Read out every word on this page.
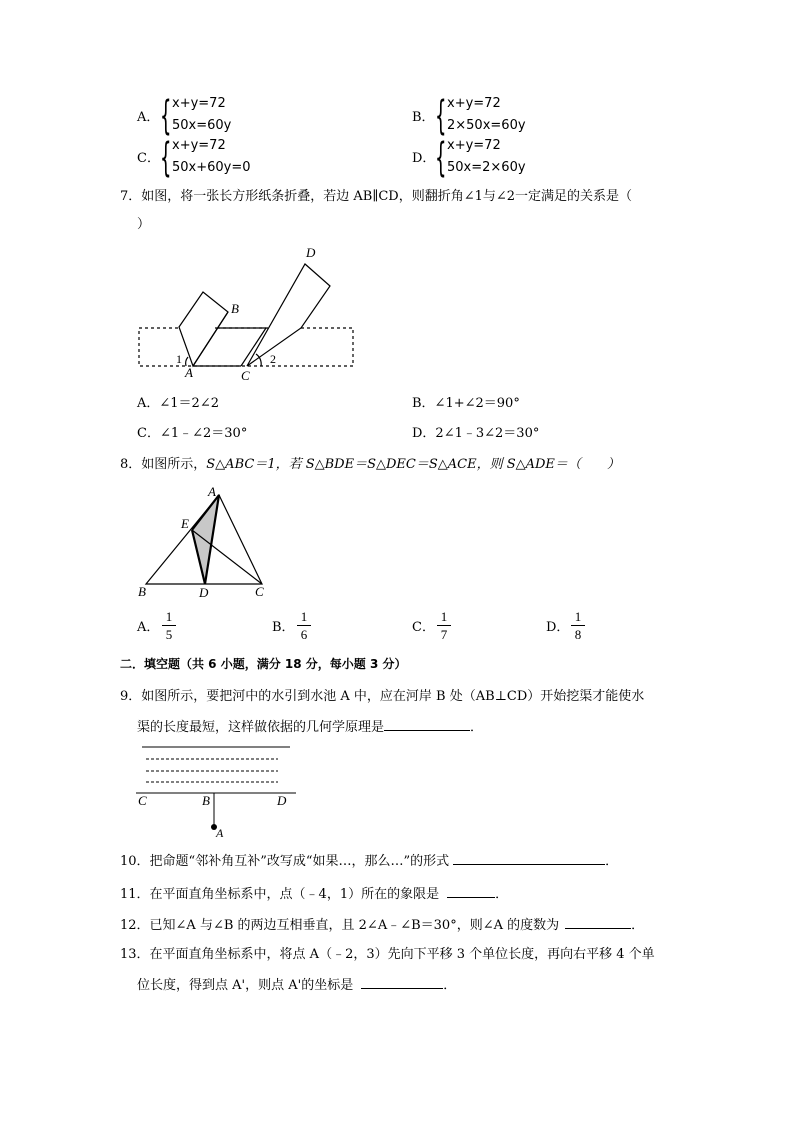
A． { x+y=72
50x=60y
B． { x+y=72
2×50x=60y
C． { x+y=72
50x+60y=0
D． { x+y=72
50x=2×60y
7．如图，将一张长方形纸条折叠，若边 AB∥CD，则翻折角∠1与∠2一定满足的关系是（
）
A
B
C
D
1	2
A．∠1＝2∠2	B．∠1+∠2＝90°
C．∠1﹣∠2＝30°	D．2∠1﹣3∠2＝30°
8．如图所示，S△ABC＝1，若 S△BDE＝S△DEC＝S△ACE，则 S△ADE＝（　　）
A
E
B	D	C
A．
1
5	B．
1
6	C．
1
7	D．
1
8
二．填空题（共 6 小题，满分 18 分，每小题 3 分）
9．如图所示，要把河中的水引到水池 A 中，应在河岸 B 处（AB⊥CD）开始挖渠才能使水
渠的长度最短，这样做依据的几何学原理是	．
C	B	D
A
10．把命题“邻补角互补”改写成“如果…，那么…”的形式	．
11．在平面直角坐标系中，点（﹣4，1）所在的象限是	．
12．已知∠A 与∠B 的两边互相垂直，且 2∠A﹣∠B＝30°，则∠A 的度数为	．
13．在平面直角坐标系中，将点 A（﹣2，3）先向下平移 3 个单位长度，再向右平移 4 个单
位长度，得到点 A'，则点 A'的坐标是	．
